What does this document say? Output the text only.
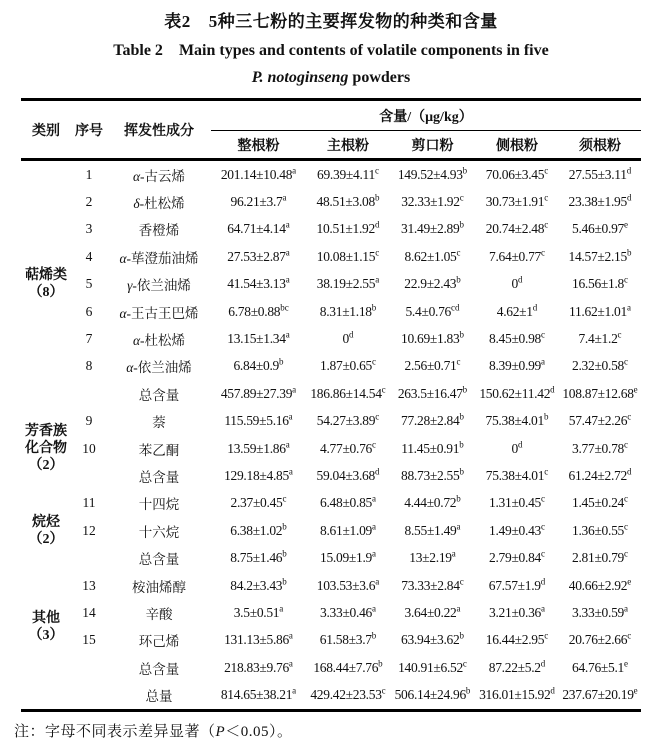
表2 5种三七粉的主要挥发物的种类和含量
Table 2 Main types and contents of volatile components in five
P. notoginseng powders
类别	序号	挥发性成分	含量/（μg/kg）				
			整根粉	主根粉	剪口粉	侧根粉	须根粉

萜烯类
（8）	1	α-古云烯	201.14±10.48$^a$	69.39±4.11$^c$	149.52±4.93$^b$	70.06±3.45$^c$	27.55±3.11$^d$
	2	δ-杜松烯	96.21±3.7$^a$	48.51±3.08$^b$	32.33±1.92$^c$	30.73±1.91$^c$	23.38±1.95$^d$
	3	香橙烯	64.71±4.14$^a$	10.51±1.92$^d$	31.49±2.89$^b$	20.74±2.48$^c$	5.46±0.97$^e$
	4	α-荜澄茄油烯	27.53±2.87$^a$	10.08±1.15$^c$	8.62±1.05$^c$	7.64±0.77$^c$	14.57±2.15$^b$
	5	γ-依兰油烯	41.54±3.13$^a$	38.19±2.55$^a$	22.9±2.43$^b$	0$^d$	16.56±1.8$^c$
	6	α-王古王巴烯	6.78±0.88$^{bc}$	8.31±1.18$^b$	5.4±0.76$^{cd}$	$4.62\pm 1^d$	11.62±1.01$^a$
	7	α-杜松烯	13.15±1.34$^a$	0$^d$	10.69±1.83$^b$	8.45±0.98$^c$	7.4±1.2$^c$
	8	α-依兰油烯	6.84±0.9$^b$	1.87±0.65$^c$	2.56±0.71$^c$	8.39±0.99$^a$	2.32±0.58$^c$
		总含量	457.89±27.39$^a$	186.86±14.54$^c$	263.5±16.47$^b$	150.62±11.42$^d$	108.87±12.68$^e$

芳香族
化合物
（2）	9	萘	115.59±5.16$^a$	54.27±3.89$^c$	77.28±2.84$^b$	75.38±4.01$^b$	57.47±2.26$^c$
	10	苯乙酮	13.59±1.86$^a$	4.77±0.76$^c$	11.45±0.91$^b$	0$^d$	3.77±0.78$^c$
		总含量	129.18±4.85$^a$	59.04±3.68$^d$	88.73±2.55$^b$	75.38±4.01$^c$	61.24±2.72$^d$

烷烃
（2）	11	十四烷	2.37±0.45$^c$	6.48±0.85$^a$	4.44±0.72$^b$	1.31±0.45$^c$	1.45±0.24$^c$
	12	十六烷	6.38±1.02$^b$	8.61±1.09$^a$	8.55±1.49$^a$	1.49±0.43$^c$	1.36±0.55$^c$
		总含量	8.75±1.46$^b$	15.09±1.9$^a$	13±2.19$^a$	2.79±0.84$^c$	2.81±0.79$^c$

其他
（3）	13	桉油烯醇	84.2±3.43$^b$	103.53±3.6$^a$	73.33±2.84$^c$	67.57±1.9$^d$	40.66±2.92$^e$
	14	辛酸	3.5±0.51$^a$	3.33±0.46$^a$	3.64±0.22$^a$	3.21±0.36$^a$	3.33±0.59$^a$
	15	环己烯	131.13±5.86$^a$	61.58±3.7$^b$	63.94±3.62$^b$	16.44±2.95$^c$	20.76±2.66$^c$
		总含量	218.83±9.76$^a$	168.44±7.76$^b$	140.91±6.52$^c$	87.22±5.2$^d$	64.76±5.1$^e$
		总量	814.65±38.21$^a$	429.42±23.53$^c$	506.14±24.96$^b$	316.01±15.92$^d$	237.67±20.19$^e$
注：字母不同表示差异显著（P＜0.05）。
